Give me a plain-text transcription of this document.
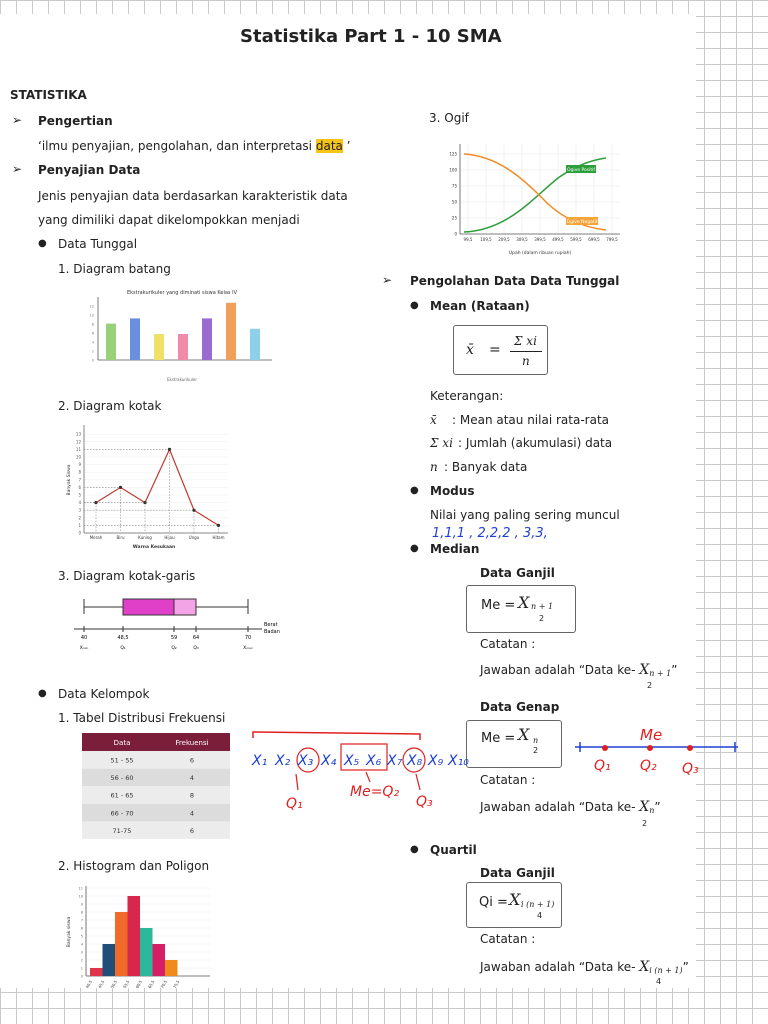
Statistika Part 1 - 10 SMA
STATISTIKA
➢ Pengertian
‘ilmu penyajian, pengolahan, dan interpretasi data ’
➢ Penyajian Data
Jenis penyajian data berdasarkan karakteristik data
yang dimiliki dapat dikelompokkan menjadi
● Data Tunggal
1. Diagram batang
Ekstrakurikuler yang diminati siswa Kelas IV
0
2
4
6
8
10
12
Ekstrakurikuler
2. Diagram kotak
0
1
2
3
4
5
6
7
8
9
10
11
12
13
Merah	Biru	Kuning	Hijau	Ungu	Hitam
Warna Kesukaan
Banyak Siswa
3. Diagram kotak-garis
40	48,5	59	64	70
Xₘᵢₙ	Q₁	Q₂	Q₃	Xₘₐₓ
Berat
Badan
● Data Kelompok
1. Tabel Distribusi Frekuensi
Data	Frekuensi
51 - 55	6
56 - 60	4
61 - 65	8
66 - 70	4
71-75	6
2. Histogram dan Poligon
0
1
2
3
4
5
6
7
8
9
10
11
40,5 45,5 50,5 55,5 60,5 65,5 70,5 75,5
Banyak siswa
3. Ogif
Ogive Positif
Ogive Negatif
99,5 109,5 209,5 309,5 399,5 499,5 599,5 699,5 799,5
0
25
50
75
100
125
Upah (dalam ribuan rupiah)
➢ Pengolahan Data Data Tunggal
● Mean (Rataan)
x̄ =
Σ xi
n
Keterangan:
x̄ : Mean atau nilai rata-rata
Σ xi : Jumlah (akumulasi) data
n : Banyak data
● Modus
Nilai yang paling sering muncul
1,1,1 , 2,2,2 , 3,3,
● Median
Data Ganjil
Me = X n + 1
2
Catatan :
Jawaban adalah “Data ke- Xn + 1”
2
Data Genap
Me = X n
2
Catatan :
Jawaban adalah “Data ke- Xn”
2
● Quartil
Data Ganjil
Qi = X i (n + 1)
4
Catatan :
Jawaban adalah “Data ke- Xi (n + 1)”
4
X₁ X₂ X₃ X₄ X₅ X₆ X₇ X₈ X₉ X₁₀
Q₁
Me=Q₂
Q₃
Me
Q₁ Q₂ Q₃
